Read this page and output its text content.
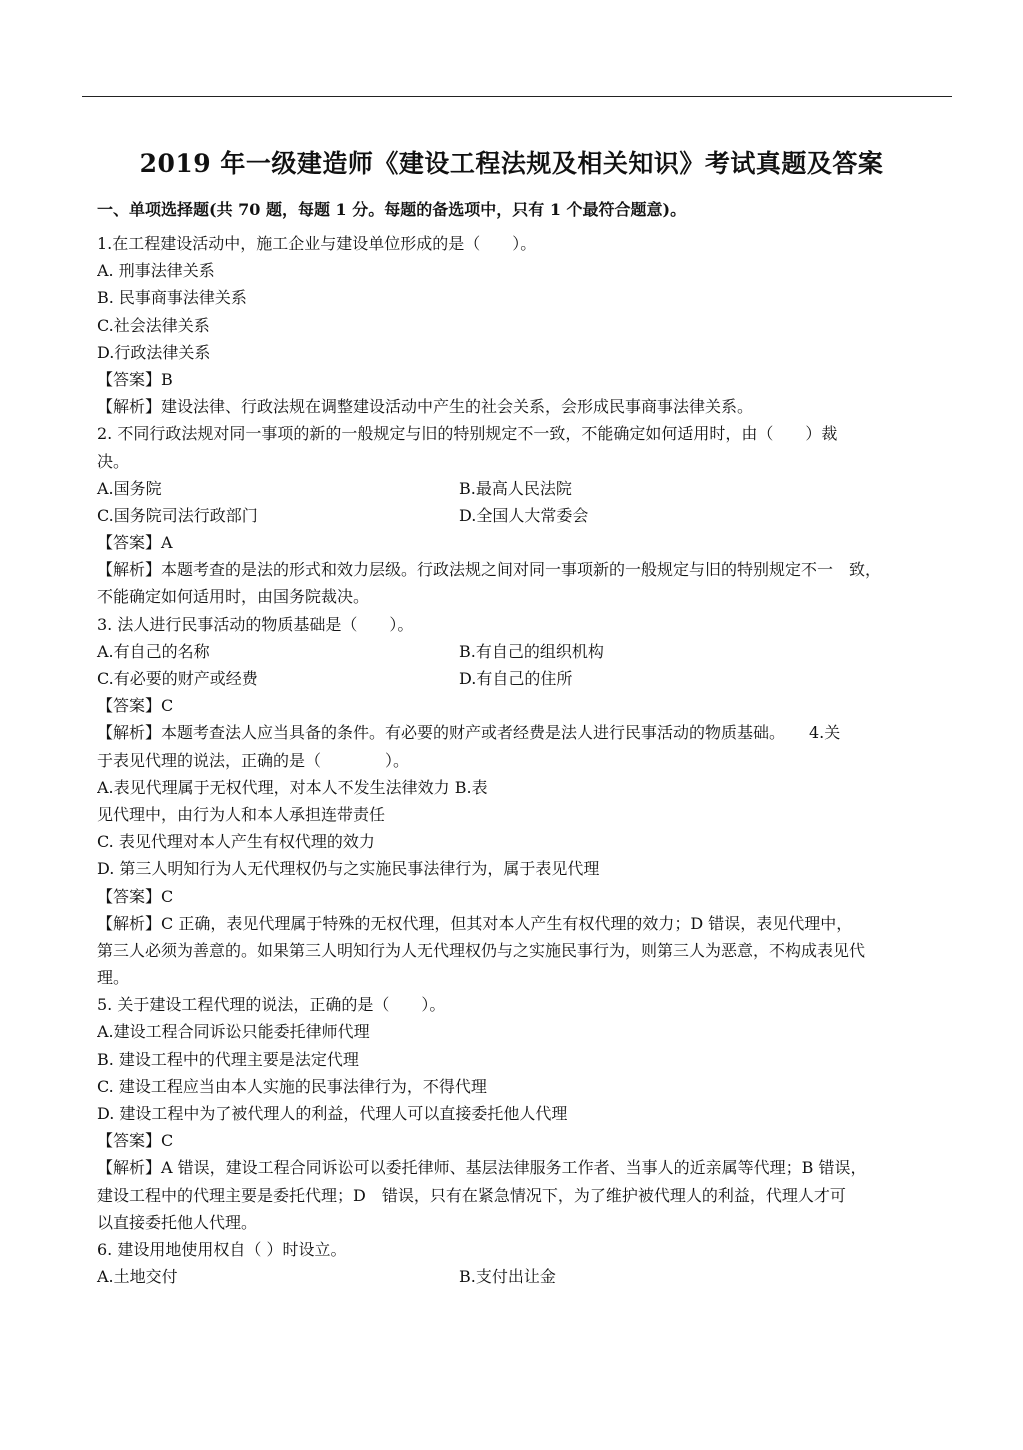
2019 年一级建造师《建设工程法规及相关知识》考试真题及答案
一、单项选择题(共 70 题，每题 1 分。每题的备选项中，只有 1 个最符合题意)。
1.在工程建设活动中，施工企业与建设单位形成的是（　　）。
A. 刑事法律关系
B. 民事商事法律关系
C.社会法律关系
D.行政法律关系
【答案】B
【解析】建设法律、行政法规在调整建设活动中产生的社会关系，会形成民事商事法律关系。
2. 不同行政法规对同一事项的新的一般规定与旧的特别规定不一致，不能确定如何适用时，由（　　）裁
决。
A.国务院	B.最高人民法院
C.国务院司法行政部门	D.全国人大常委会
【答案】A
【解析】本题考查的是法的形式和效力层级。行政法规之间对同一事项新的一般规定与旧的特别规定不一　致，
不能确定如何适用时，由国务院裁决。
3. 法人进行民事活动的物质基础是（　　）。
A.有自己的名称	B.有自己的组织机构
C.有必要的财产或经费	D.有自己的住所
【答案】C
【解析】本题考查法人应当具备的条件。有必要的财产或者经费是法人进行民事活动的物质基础。　　4.关
于表见代理的说法，正确的是（　　　　）。
A.表见代理属于无权代理，对本人不发生法律效力 B.表
见代理中，由行为人和本人承担连带责任
C. 表见代理对本人产生有权代理的效力
D. 第三人明知行为人无代理权仍与之实施民事法律行为，属于表见代理
【答案】C
【解析】C 正确，表见代理属于特殊的无权代理，但其对本人产生有权代理的效力；D 错误，表见代理中，
第三人必须为善意的。如果第三人明知行为人无代理权仍与之实施民事行为，则第三人为恶意，不构成表见代
理。
5. 关于建设工程代理的说法，正确的是（　　）。
A.建设工程合同诉讼只能委托律师代理
B. 建设工程中的代理主要是法定代理
C. 建设工程应当由本人实施的民事法律行为，不得代理
D. 建设工程中为了被代理人的利益，代理人可以直接委托他人代理
【答案】C
【解析】A 错误，建设工程合同诉讼可以委托律师、基层法律服务工作者、当事人的近亲属等代理；B 错误，
建设工程中的代理主要是委托代理；D　错误，只有在紧急情况下，为了维护被代理人的利益，代理人才可
以直接委托他人代理。
6. 建设用地使用权自（ ）时设立。
A.土地交付	B.支付出让金
